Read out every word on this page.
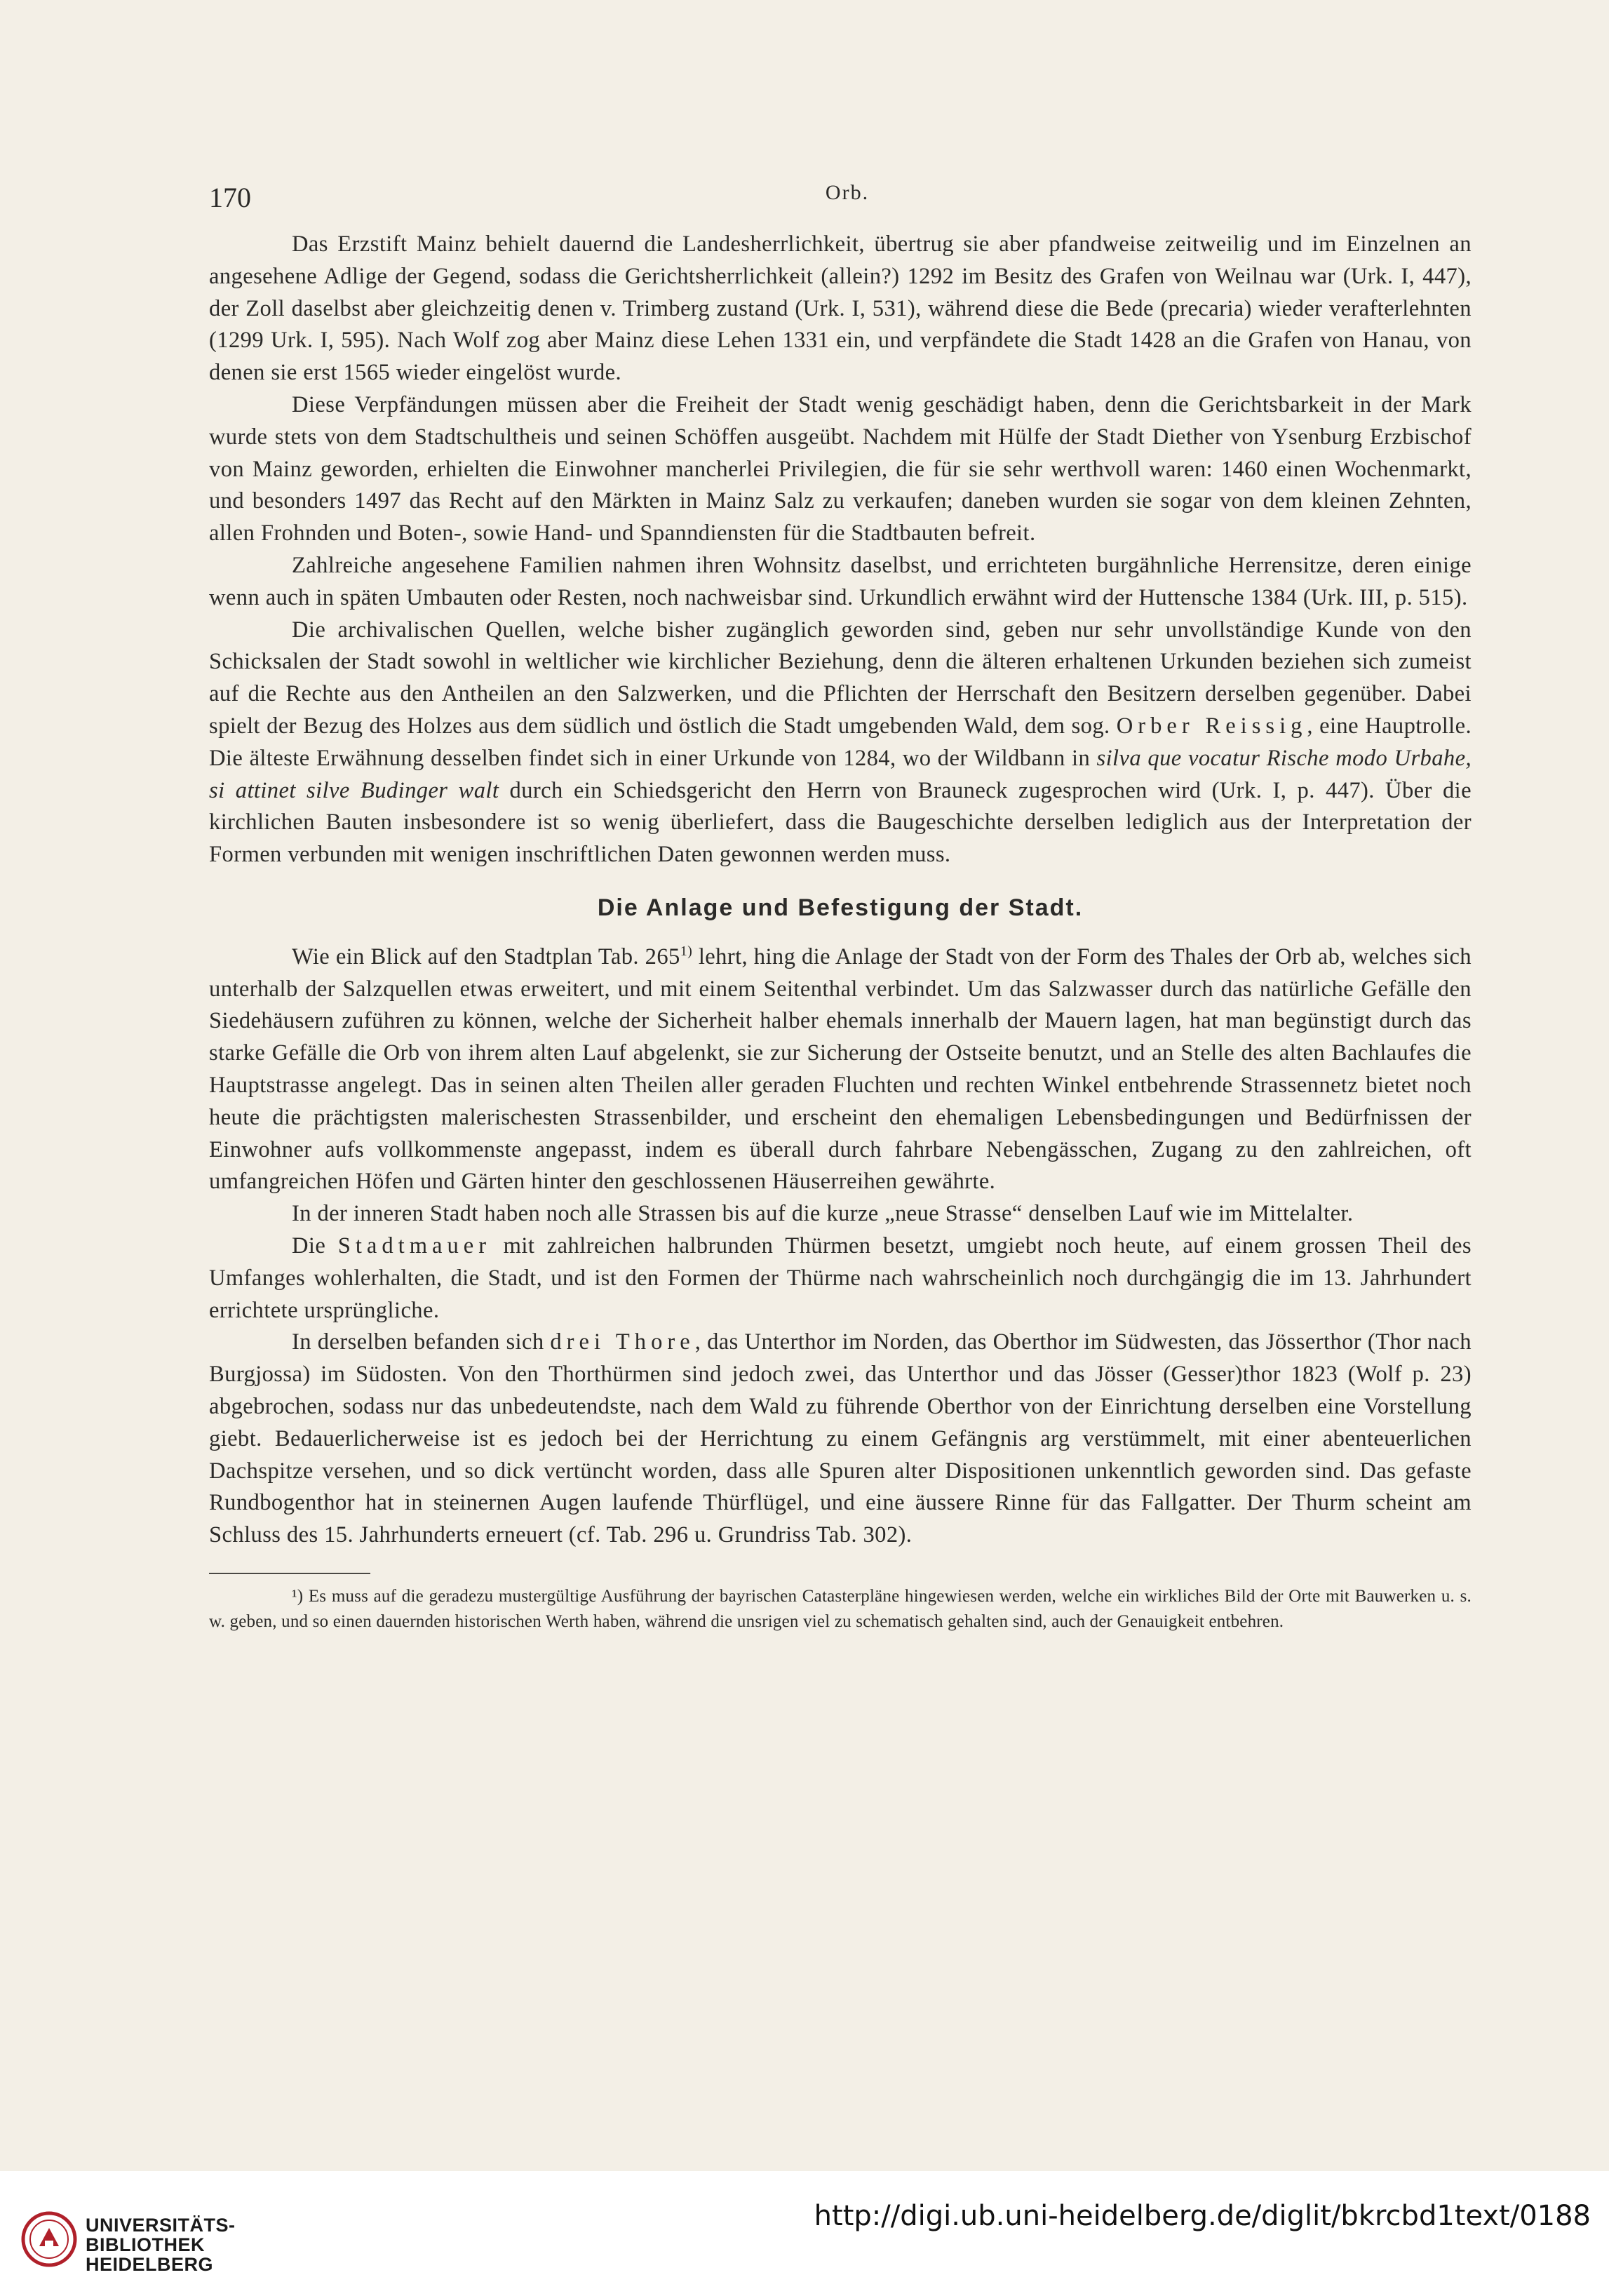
170	Orb.

Das Erzstift Mainz behielt dauernd die Landesherrlichkeit, übertrug sie aber pfandweise zeitweilig und im Einzelnen an angesehene Adlige der Gegend, sodass die Gerichtsherrlichkeit (allein?) 1292 im Besitz des Grafen von Weilnau war (Urk. I, 447), der Zoll daselbst aber gleichzeitig denen v. Trimberg zustand (Urk. I, 531), während diese die Bede (precaria) wieder verafterlehnten (1299 Urk. I, 595). Nach Wolf zog aber Mainz diese Lehen 1331 ein, und verpfändete die Stadt 1428 an die Grafen von Hanau, von denen sie erst 1565 wieder eingelöst wurde.

Diese Verpfändungen müssen aber die Freiheit der Stadt wenig geschädigt haben, denn die Gerichtsbarkeit in der Mark wurde stets von dem Stadtschultheis und seinen Schöffen ausgeübt. Nachdem mit Hülfe der Stadt Diether von Ysenburg Erzbischof von Mainz geworden, erhielten die Einwohner mancherlei Privilegien, die für sie sehr werthvoll waren: 1460 einen Wochenmarkt, und besonders 1497 das Recht auf den Märkten in Mainz Salz zu verkaufen; daneben wurden sie sogar von dem kleinen Zehnten, allen Frohnden und Boten-, sowie Hand- und Spanndiensten für die Stadtbauten befreit.

Zahlreiche angesehene Familien nahmen ihren Wohnsitz daselbst, und errichteten burgähnliche Herrensitze, deren einige wenn auch in späten Umbauten oder Resten, noch nachweisbar sind. Urkundlich erwähnt wird der Huttensche 1384 (Urk. III, p. 515).

Die archivalischen Quellen, welche bisher zugänglich geworden sind, geben nur sehr unvollständige Kunde von den Schicksalen der Stadt sowohl in weltlicher wie kirchlicher Beziehung, denn die älteren erhaltenen Urkunden beziehen sich zumeist auf die Rechte aus den Antheilen an den Salzwerken, und die Pflichten der Herrschaft den Besitzern derselben gegenüber. Dabei spielt der Bezug des Holzes aus dem südlich und östlich die Stadt umgebenden Wald, dem sog. Orber Reissig, eine Hauptrolle. Die älteste Erwähnung desselben findet sich in einer Urkunde von 1284, wo der Wildbann in silva que vocatur Rische modo Urbahe, si attinet silve Budinger walt durch ein Schiedsgericht den Herrn von Brauneck zugesprochen wird (Urk. I, p. 447). Über die kirchlichen Bauten insbesondere ist so wenig überliefert, dass die Baugeschichte derselben lediglich aus der Interpretation der Formen verbunden mit wenigen inschriftlichen Daten gewonnen werden muss.

Die Anlage und Befestigung der Stadt.

Wie ein Blick auf den Stadtplan Tab. 265$^{1)}$ lehrt, hing die Anlage der Stadt von der Form des Thales der Orb ab, welches sich unterhalb der Salzquellen etwas erweitert, und mit einem Seitenthal verbindet. Um das Salzwasser durch das natürliche Gefälle den Siedehäusern zuführen zu können, welche der Sicherheit halber ehemals innerhalb der Mauern lagen, hat man begünstigt durch das starke Gefälle die Orb von ihrem alten Lauf abgelenkt, sie zur Sicherung der Ostseite benutzt, und an Stelle des alten Bachlaufes die Hauptstrasse angelegt. Das in seinen alten Theilen aller geraden Fluchten und rechten Winkel entbehrende Strassennetz bietet noch heute die prächtigsten malerischesten Strassenbilder, und erscheint den ehemaligen Lebensbedingungen und Bedürfnissen der Einwohner aufs vollkommenste angepasst, indem es überall durch fahrbare Nebengässchen, Zugang zu den zahlreichen, oft umfangreichen Höfen und Gärten hinter den geschlossenen Häuserreihen gewährte.

In der inneren Stadt haben noch alle Strassen bis auf die kurze „neue Strasse“ denselben Lauf wie im Mittelalter.

Die Stadtmauer mit zahlreichen halbrunden Thürmen besetzt, umgiebt noch heute, auf einem grossen Theil des Umfanges wohlerhalten, die Stadt, und ist den Formen der Thürme nach wahrscheinlich noch durchgängig die im 13. Jahrhundert errichtete ursprüngliche.

In derselben befanden sich drei Thore, das Unterthor im Norden, das Oberthor im Südwesten, das Jösserthor (Thor nach Burgjossa) im Südosten. Von den Thorthürmen sind jedoch zwei, das Unterthor und das Jösser (Gesser)thor 1823 (Wolf p. 23) abgebrochen, sodass nur das unbedeutendste, nach dem Wald zu führende Oberthor von der Einrichtung derselben eine Vorstellung giebt. Bedauerlicherweise ist es jedoch bei der Herrichtung zu einem Gefängnis arg verstümmelt, mit einer abenteuerlichen Dachspitze versehen, und so dick vertüncht worden, dass alle Spuren alter Dispositionen unkenntlich geworden sind. Das gefaste Rundbogenthor hat in steinernen Augen laufende Thürflügel, und eine äussere Rinne für das Fallgatter. Der Thurm scheint am Schluss des 15. Jahrhunderts erneuert (cf. Tab. 296 u. Grundriss Tab. 302).

¹) Es muss auf die geradezu mustergültige Ausführung der bayrischen Catasterpläne hingewiesen werden, welche ein wirkliches Bild der Orte mit Bauwerken u. s. w. geben, und so einen dauernden historischen Werth haben, während die unsrigen viel zu schematisch gehalten sind, auch der Genauigkeit entbehren.

UNIVERSITÄTS-
BIBLIOTHEK
HEIDELBERG
http://digi.ub.uni-heidelberg.de/diglit/bkrcbd1text/0188
